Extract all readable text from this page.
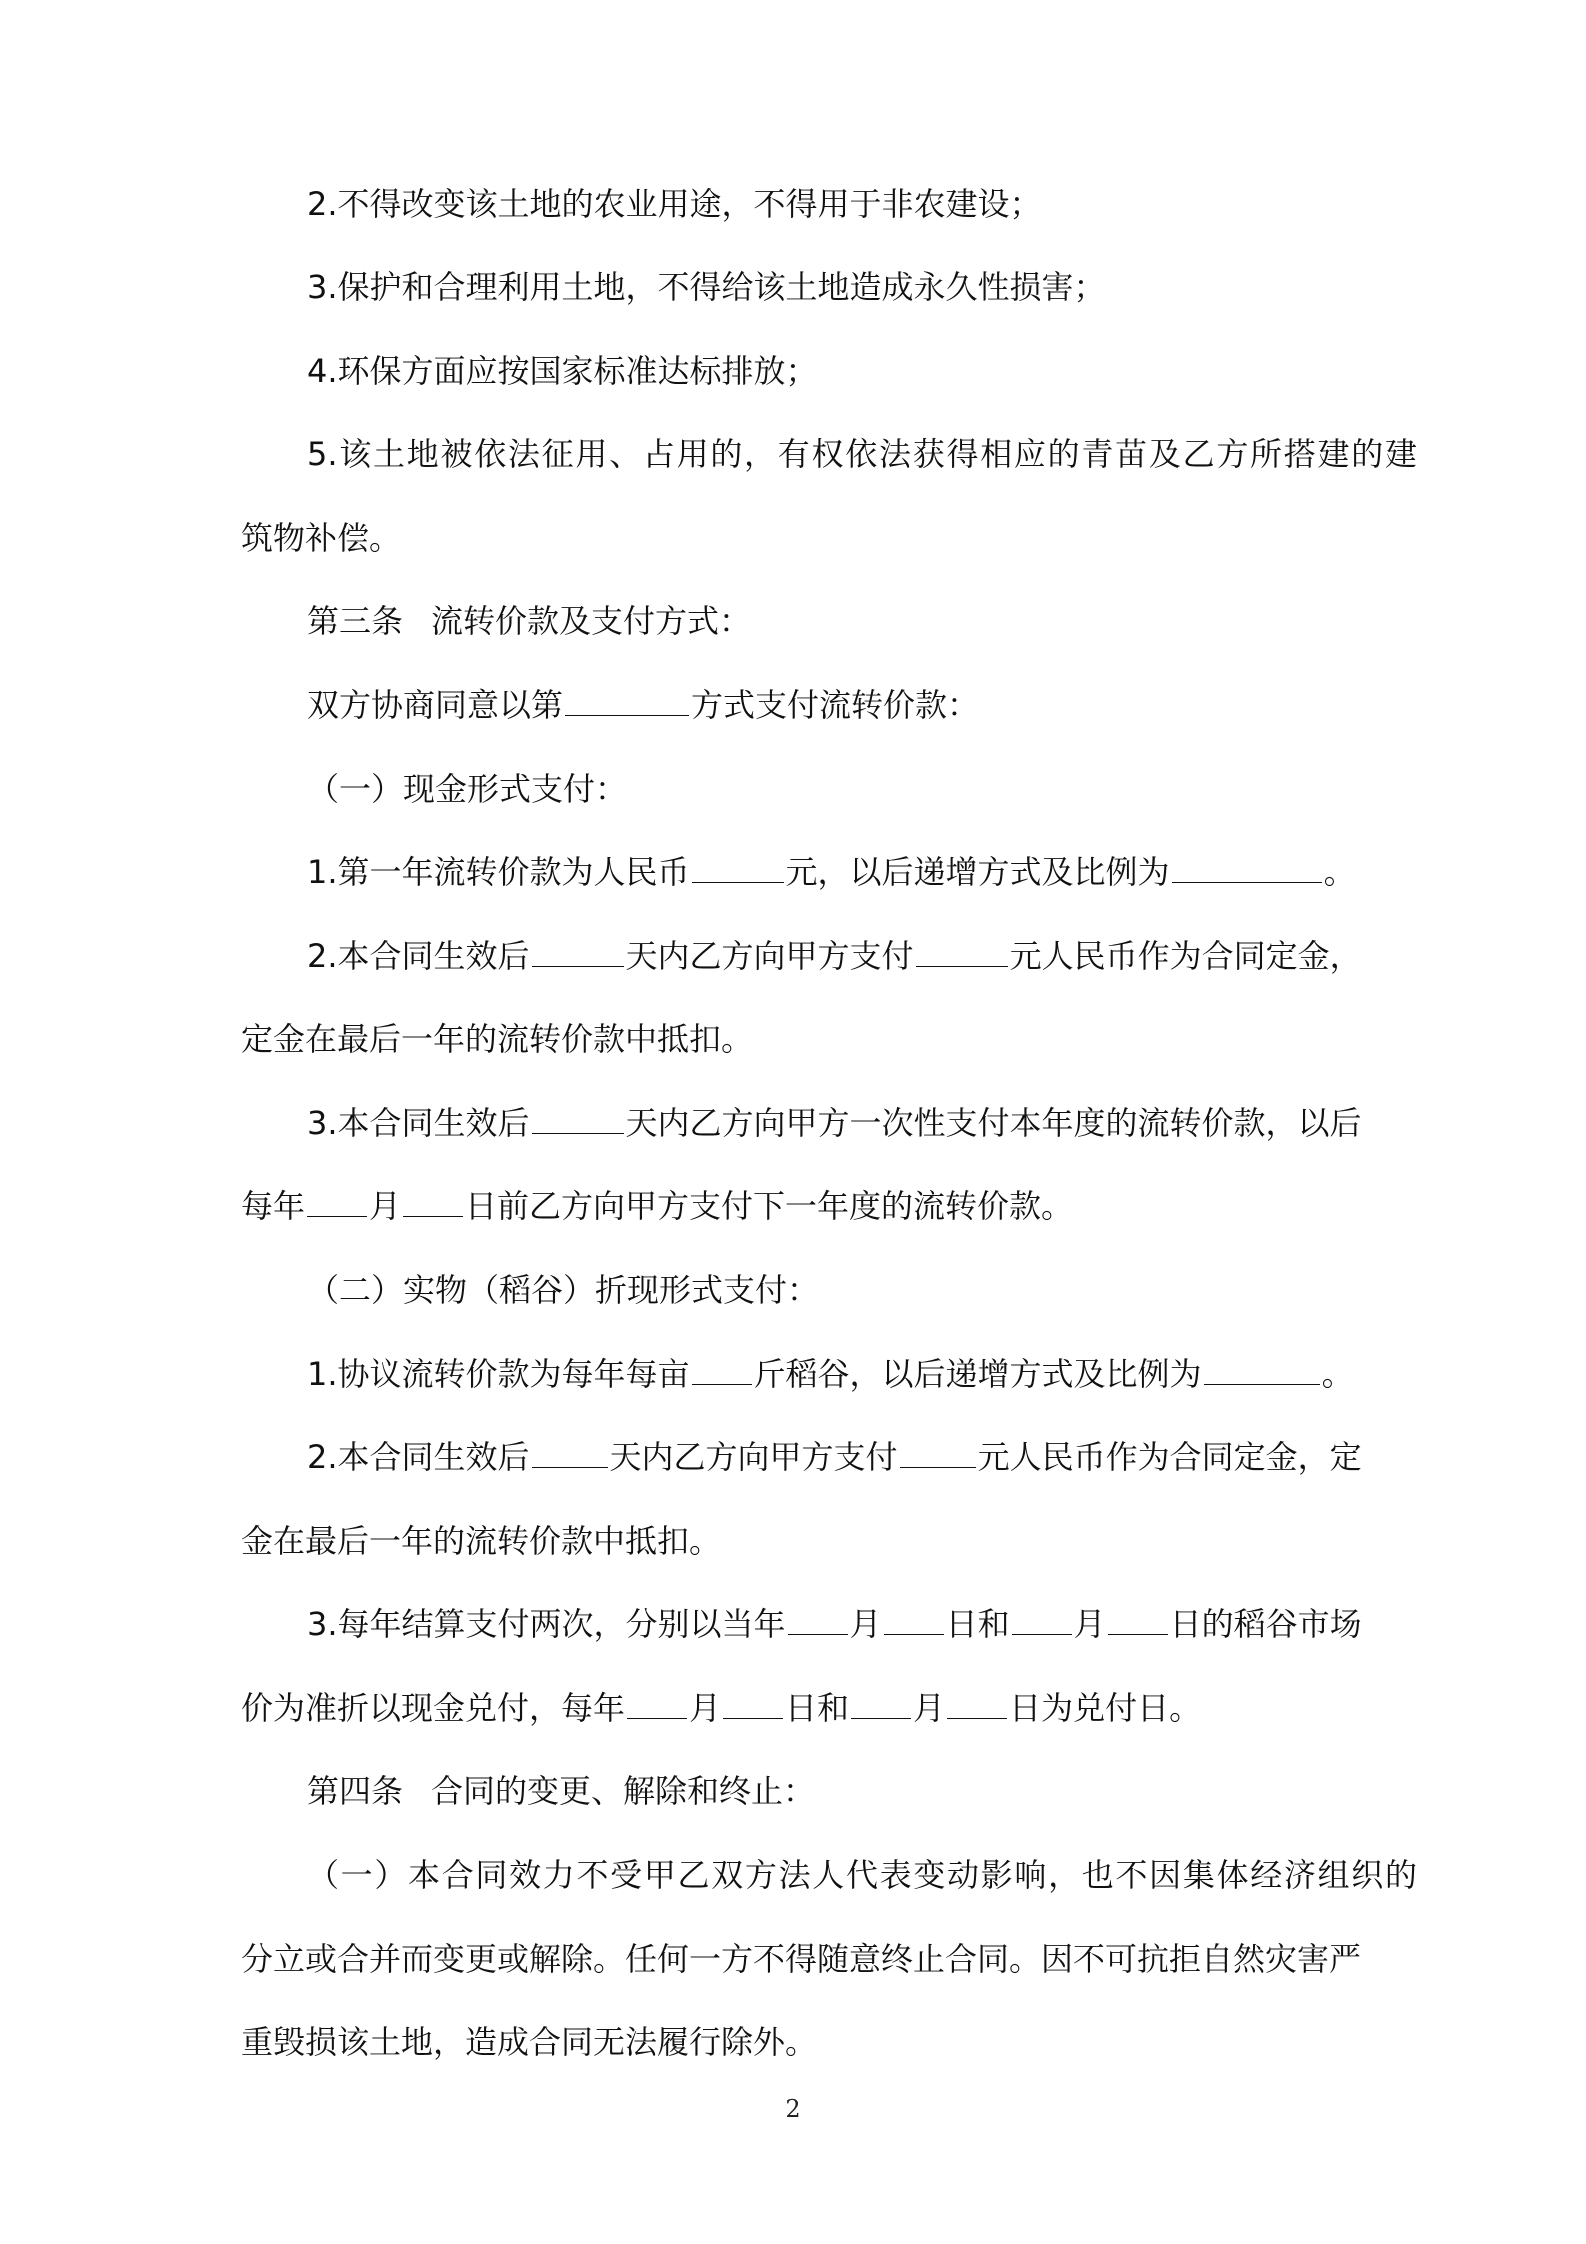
2.不得改变该土地的农业用途，不得用于非农建设；
3.保护和合理利用土地，不得给该土地造成永久性损害；
4.环保方面应按国家标准达标排放；
5.该土地被依法征用、占用的，有权依法获得相应的青苗及乙方所搭建的建
筑物补偿。
第三条 流转价款及支付方式：
双方协商同意以第	方式支付流转价款：
（一）现金形式支付：
1.第一年流转价款为人民币	元，以后递增方式及比例为	。
2.本合同生效后	天内乙方向甲方支付	元人民币作为合同定金，
定金在最后一年的流转价款中抵扣。
3.本合同生效后	天内乙方向甲方一次性支付本年度的流转价款，以后
每年 月 日前乙方向甲方支付下一年度的流转价款。
（二）实物（稻谷）折现形式支付：
1.协议流转价款为每年每亩 斤稻谷，以后递增方式及比例为	。
2.本合同生效后	天内乙方向甲方支付	元人民币作为合同定金，定
金在最后一年的流转价款中抵扣。
3.每年结算支付两次，分别以当年 月 日和 月 日的稻谷市场
价为准折以现金兑付，每年 月 日和 月 日为兑付日。
第四条 合同的变更、解除和终止：
（一）本合同效力不受甲乙双方法人代表变动影响，也不因集体经济组织的
分立或合并而变更或解除。任何一方不得随意终止合同。因不可抗拒自然灾害严
重毁损该土地，造成合同无法履行除外。
2
